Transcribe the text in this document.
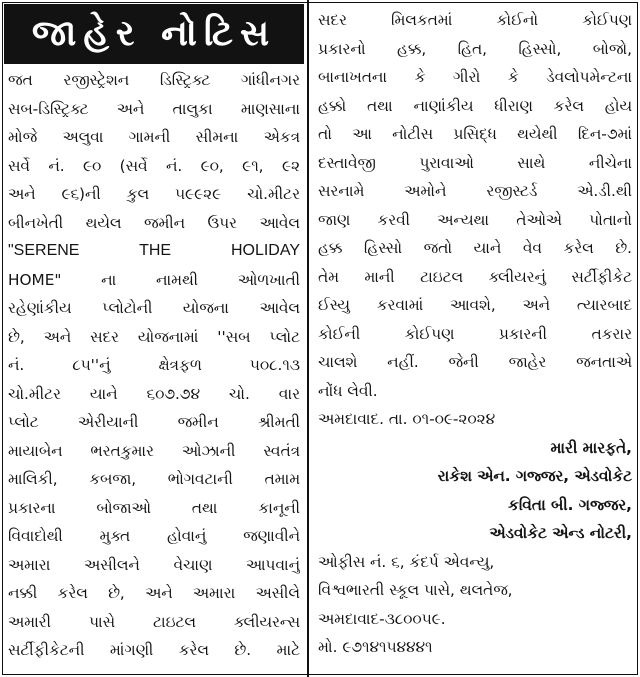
જાહેર નોટિસ
જત રજીસ્ટ્રેશન ડિસ્ટ્રિક્ટ ગાંધીનગર
સબ-ડિસ્ટ્રિક્ટ અને તાલુકા માણસાના
મોજે અલુવા ગામની સીમના એકત્ર
સર્વે નં. ૯૦ (સર્વે નં. ૯૦, ૯૧, ૯૨
અને ૯૬)ની કુલ ૫૯૯૨૯ ચો.મીટર
બીનખેતી થયેલ જમીન ઉપર આવેલ
"SERENE THE HOLIDAY
HOME" ના નામથી ઓળખાતી
રહેણાંકીય પ્લોટોની યોજના આવેલ
છે, અને સદર યોજનામાં ''સબ પ્લોટ
નં. ૮૫''નું ક્ષેત્રફળ ૫૦૮.૧૩
ચો.મીટર યાને ૬૦૭.૭૪ ચો. વાર
પ્લોટ એરીયાની જમીન શ્રીમતી
માયાબેન ભરતકુમાર ઓઝાની સ્વતંત્ર
માલિકી, કબજા, ભોગવટાની તમામ
પ્રકારના બોજાઓ તથા કાનૂની
વિવાદોથી મુક્ત હોવાનું જણાવીને
અમારા અસીલને વેચાણ આપવાનું
નક્કી કરેલ છે, અને અમારા અસીલે
અમારી પાસે ટાઇટલ ક્લીયરન્સ
સર્ટીફીકેટની માંગણી કરેલ છે. માટે
સદર મિલકતમાં કોઈનો કોઈપણ
પ્રકારનો હક્ક, હિત, હિસ્સો, બોજો,
બાનાખતના કે ગીરો કે ડેવલોપમેન્ટના
હક્કો તથા નાણાંકીય ધીરાણ કરેલ હોય
તો આ નોટીસ પ્રસિદ્ધ થયેથી દિન-૭માં
દસ્તાવેજી પુરાવાઓ સાથે નીચેના
સરનામે અમોને રજીસ્ટર્ડ એ.ડી.થી
જાણ કરવી અન્યથા તેઓએ પોતાનો
હક્ક હિસ્સો જતો યાને વેવ કરેલ છે.
તેમ માની ટાઇટલ ક્લીયરનું સર્ટીફીકેટ
ઈસ્યુ કરવામાં આવશે, અને ત્યારબાદ
કોઈની કોઈપણ પ્રકારની તકરાર
ચાલશે નહીં. જેની જાહેર જનતાએ
નોંધ લેવી.
અમદાવાદ. તા. ૦૧-૦૯-૨૦૨૪
મારી મારફતે,
રાકેશ એન. ગજ્જર, એડવોકેટ
કવિતા બી. ગજ્જર,
એડવોકેટ એન્ડ નોટરી,
ઓફીસ નં. ૬, કંદર્પ એવન્યુ,
વિશ્વભારતી સ્કૂલ પાસે, થલતેજ,
અમદાવાદ-૩૮૦૦૫૯.
મો. ૯૭૧૪૧૫૪૪૪૧
